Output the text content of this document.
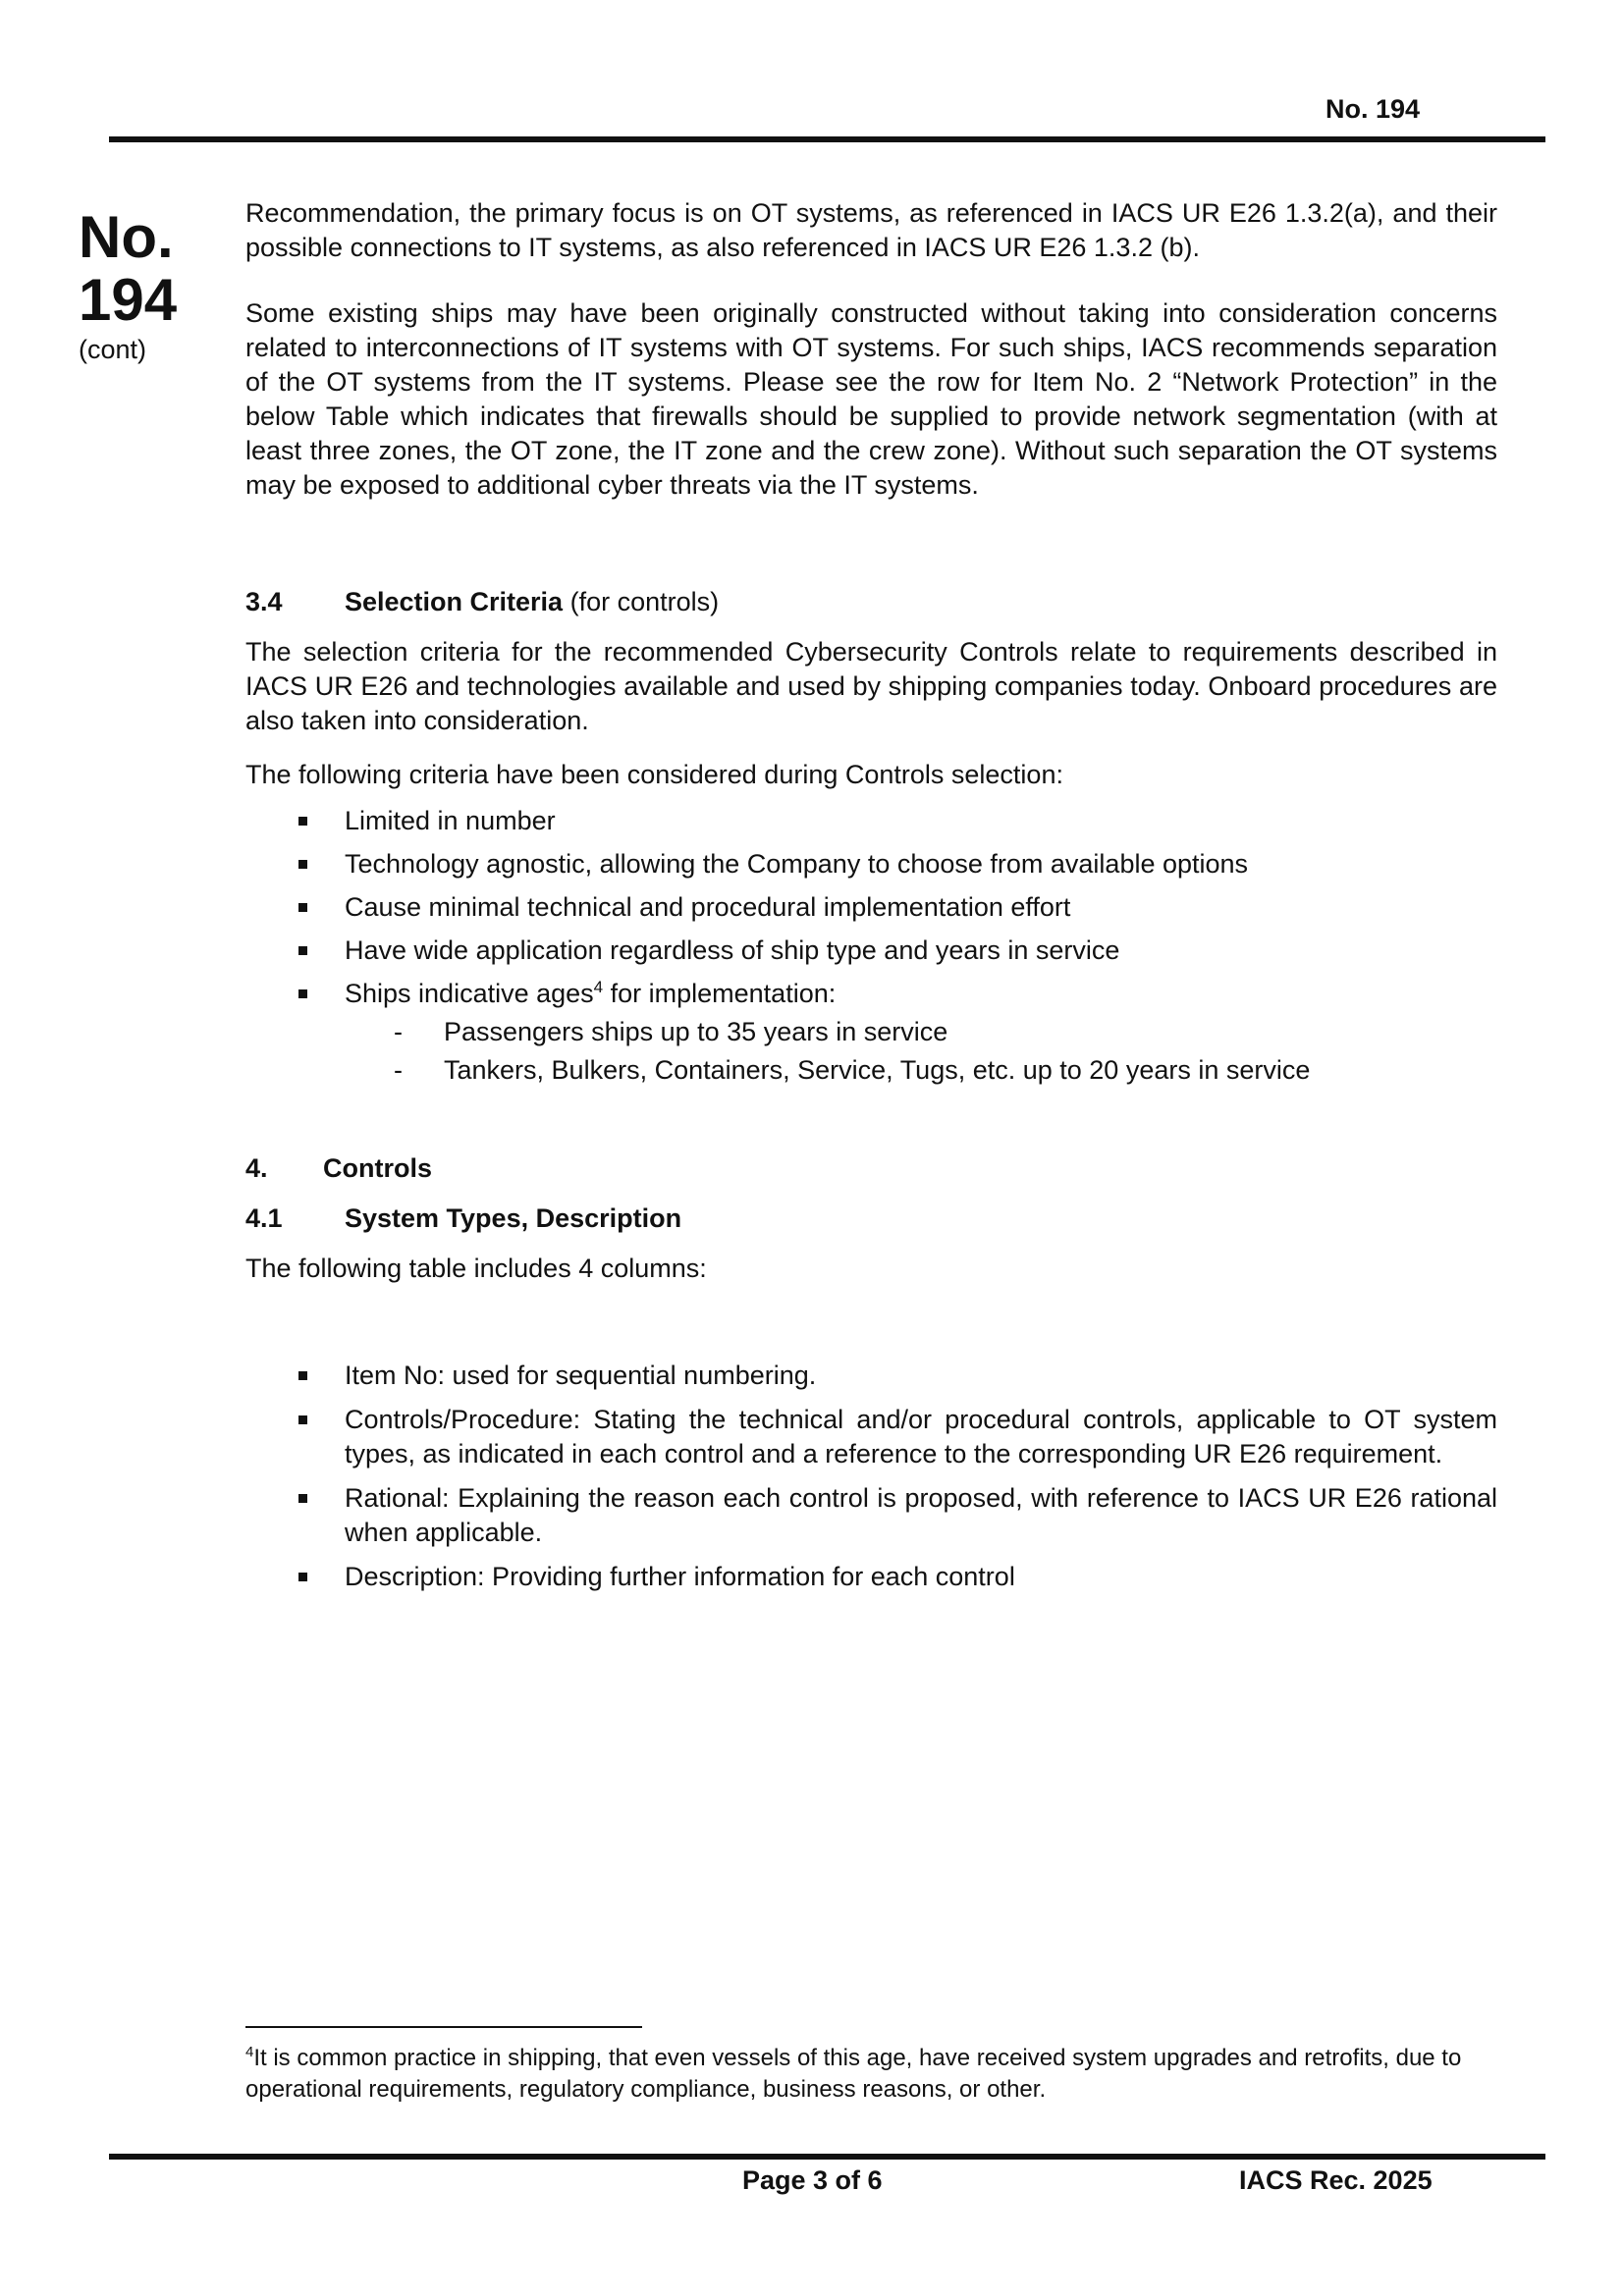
No. 194
No.
194
(cont)

Recommendation, the primary focus is on OT systems, as referenced in IACS UR E26 1.3.2(a), and their possible connections to IT systems, as also referenced in IACS UR E26 1.3.2 (b).

Some existing ships may have been originally constructed without taking into consideration concerns related to interconnections of IT systems with OT systems. For such ships, IACS recommends separation of the OT systems from the IT systems. Please see the row for Item No. 2 “Network Protection” in the below Table which indicates that firewalls should be supplied to provide network segmentation (with at least three zones, the OT zone, the IT zone and the crew zone). Without such separation the OT systems may be exposed to additional cyber threats via the IT systems.

3.4	Selection Criteria (for controls)

The selection criteria for the recommended Cybersecurity Controls relate to requirements described in IACS UR E26 and technologies available and used by shipping companies today. Onboard procedures are also taken into consideration.

The following criteria have been considered during Controls selection:

Limited in number
Technology agnostic, allowing the Company to choose from available options
Cause minimal technical and procedural implementation effort
Have wide application regardless of ship type and years in service
Ships indicative ages$^4$ for implementation:
- Passengers ships up to 35 years in service
- Tankers, Bulkers, Containers, Service, Tugs, etc. up to 20 years in service
4.	Controls
4.1	System Types, Description

The following table includes 4 columns:

Item No: used for sequential numbering.
Controls/Procedure: Stating the technical and/or procedural controls, applicable to OT system types, as indicated in each control and a reference to the corresponding UR E26 requirement.
Rational: Explaining the reason each control is proposed, with reference to IACS UR E26 rational when applicable.
Description: Providing further information for each control
$^4$It is common practice in shipping, that even vessels of this age, have received system upgrades and retrofits, due to operational requirements, regulatory compliance, business reasons, or other.
Page 3 of 6	IACS Rec. 2025
